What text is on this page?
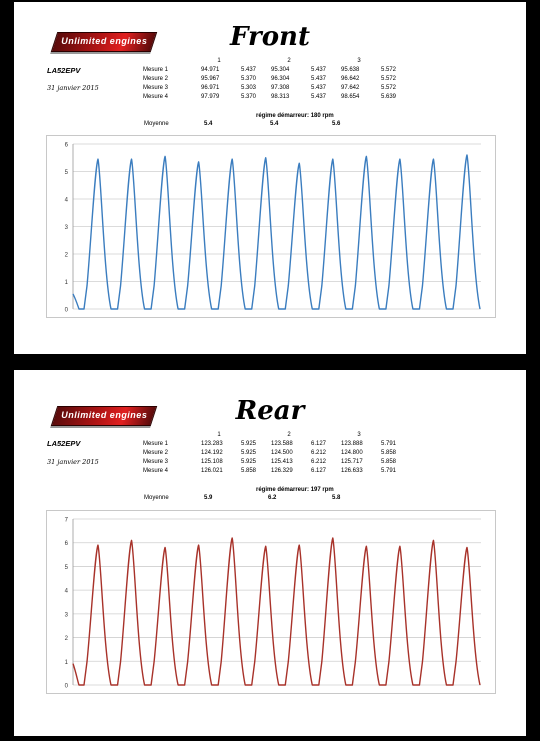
Unlimited engines	Front
LA52EPV
31 janvier 2015
	1		2		3	
Mesure 1	94.971	5.437	95.304	5.437	95.638	5.572
Mesure 2	95.967	5.370	96.304	5.437	96.642	5.572
Mesure 3	96.971	5.303	97.308	5.437	97.642	5.572
Mesure 4	97.979	5.370	98.313	5.437	98.654	5.639
régime démarreur: 180 rpm
Moyenne	5.4	5.4	5.6
0
1
2
3
4
5
6
Unlimited engines	Rear
LA52EPV
31 janvier 2015
	1		2		3	
Mesure 1	123.283	5.925	123.588	6.127	123.888	5.791
Mesure 2	124.192	5.925	124.500	6.212	124.800	5.858
Mesure 3	125.108	5.925	125.413	6.212	125.717	5.858
Mesure 4	126.021	5.858	126.329	6.127	126.633	5.791
régime démarreur: 197 rpm
Moyenne	5.9	6.2	5.8
0
1
2
3
4
5
6
7
